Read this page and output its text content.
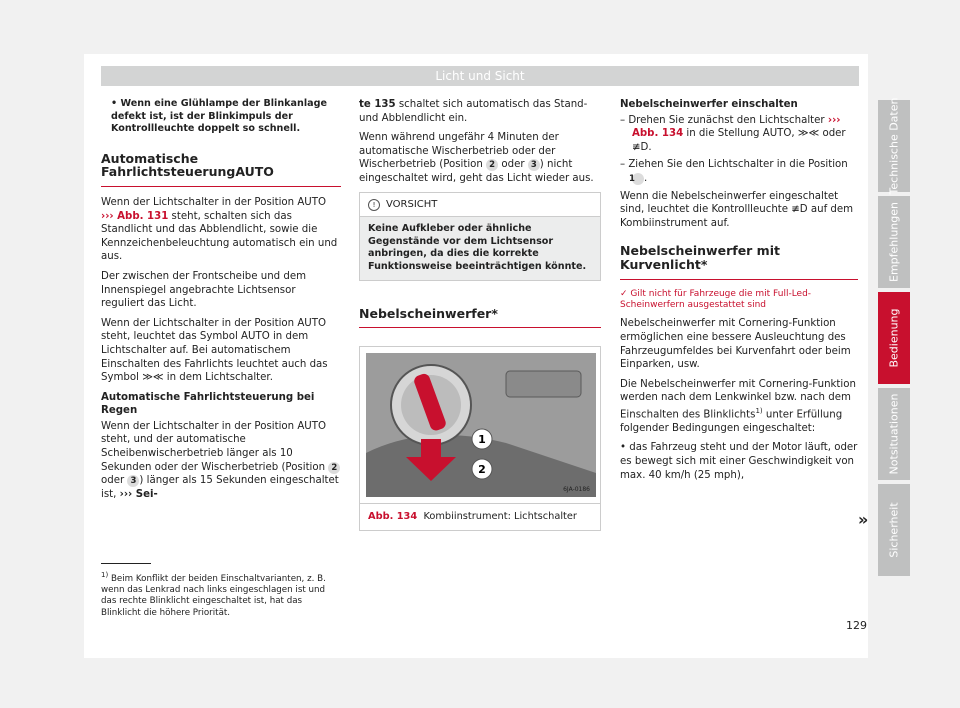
Licht und Sicht

• Wenn eine Glühlampe der Blinkanlage defekt ist, ist der Blinkimpuls der Kontrollleuchte doppelt so schnell.

Automatische FahrlichtsteuerungAUTO

Wenn der Lichtschalter in der Position AUTO ››› Abb. 131 steht, schalten sich das Standlicht und das Abblendlicht, sowie die Kennzeichenbeleuchtung automatisch ein und aus.

Der zwischen der Frontscheibe und dem Innenspiegel angebrachte Lichtsensor reguliert das Licht.

Wenn der Lichtschalter in der Position AUTO steht, leuchtet das Symbol AUTO in dem Lichtschalter auf. Bei automatischem Einschalten des Fahrlichts leuchtet auch das Symbol ≫≪ in dem Lichtschalter.

Automatische Fahrlichtsteuerung bei Regen

Wenn der Lichtschalter in der Position AUTO steht, und der automatische Scheibenwischerbetrieb länger als 10 Sekunden oder der Wischerbetrieb (Position 2 oder 3 ) länger als 15 Sekunden eingeschaltet ist, ››› Sei-

te 135 schaltet sich automatisch das Stand- und Abblendlicht ein.

Wenn während ungefähr 4 Minuten der automatische Wischerbetrieb oder der Wischerbetrieb (Position 2 oder 3 ) nicht eingeschaltet wird, geht das Licht wieder aus.

! VORSICHT
Keine Aufkleber oder ähnliche Gegenstände vor dem Lichtsensor anbringen, da dies die korrekte Funktionsweise beeinträchtigen könnte.
Nebelscheinwerfer*
1
2
6JA-0186
Abb. 134 Kombiinstrument: Lichtschalter

Nebelscheinwerfer einschalten

– Drehen Sie zunächst den Lichtschalter ››› Abb. 134 in die Stellung AUTO, ≫≪ oder ≢D.
– Ziehen Sie den Lichtschalter in die Position 1 .

Wenn die Nebelscheinwerfer eingeschaltet sind, leuchtet die Kontrollleuchte ≢D auf dem Kombiinstrument auf.

Nebelscheinwerfer mit Kurvenlicht*

✓ Gilt nicht für Fahrzeuge die mit Full-Led-Scheinwerfern ausgestattet sind

Nebelscheinwerfer mit Cornering-Funktion ermöglichen eine bessere Ausleuchtung des Fahrzeugumfeldes bei Kurvenfahrt oder beim Einparken, usw.

Die Nebelscheinwerfer mit Cornering-Funktion werden nach dem Lenkwinkel bzw. nach dem Einschalten des Blinklichts$^{1)}$ unter Erfüllung folgender Bedingungen eingeschaltet:

• das Fahrzeug steht und der Motor läuft, oder es bewegt sich mit einer Geschwindigkeit von max. 40 km/h (25 mph),

»
$^{1)}$ Beim Konflikt der beiden Einschaltvarianten, z. B. wenn das Lenkrad nach links eingeschlagen ist und das rechte Blinklicht eingeschaltet ist, hat das Blinklicht die höhere Priorität.
Technische Daten
Empfehlungen
Bedienung
Notsituationen
Sicherheit
129
